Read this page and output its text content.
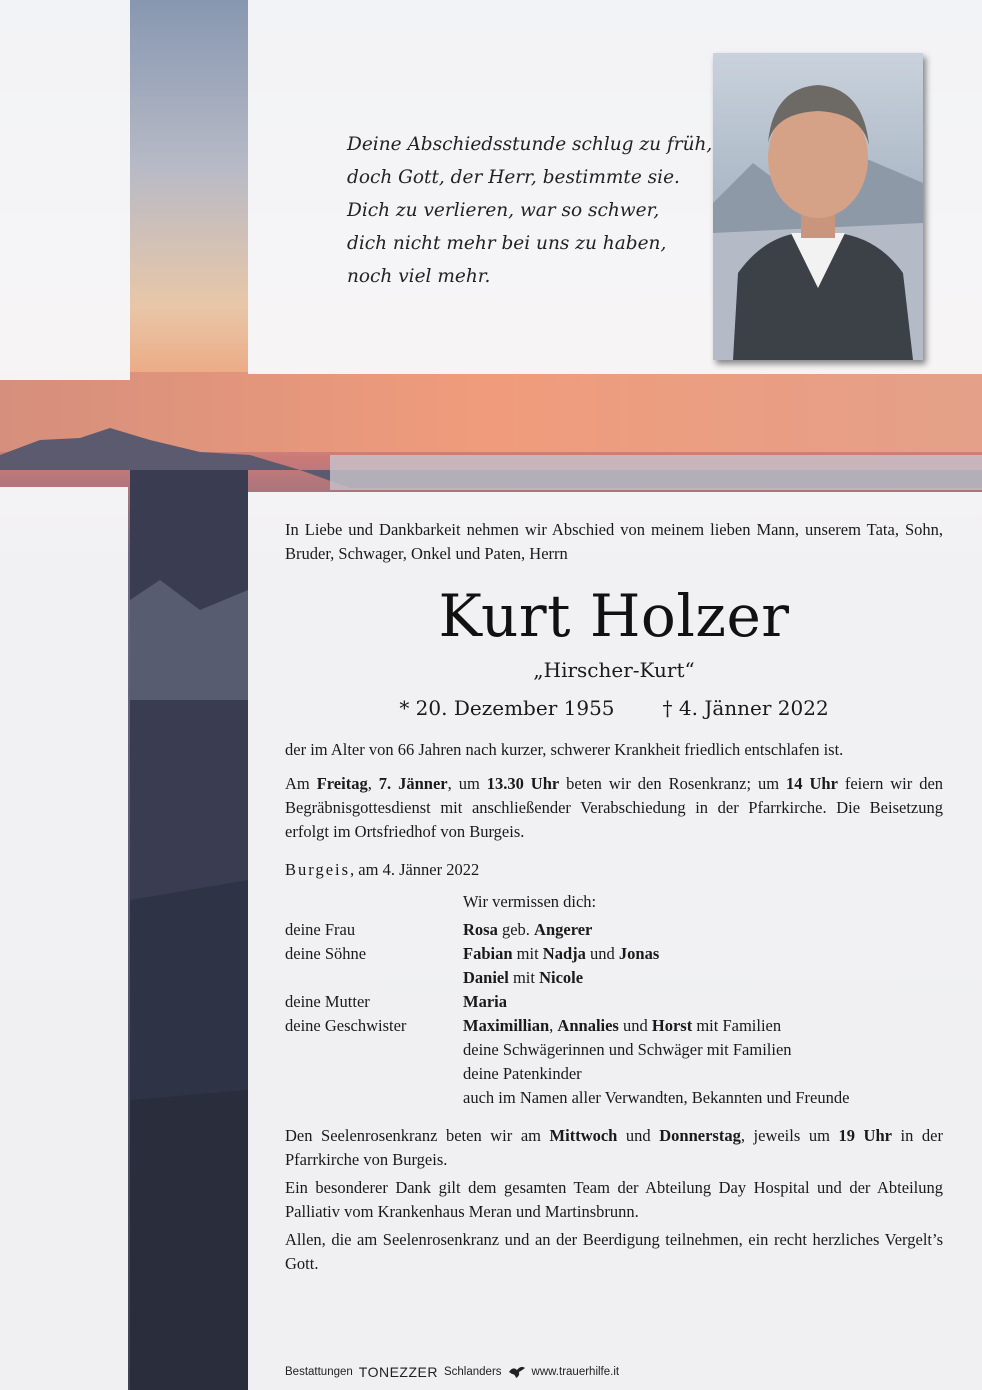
Deine Abschiedsstunde schlug zu früh,
doch Gott, der Herr, bestimmte sie.
Dich zu verlieren, war so schwer,
dich nicht mehr bei uns zu haben,
noch viel mehr.

In Liebe und Dankbarkeit nehmen wir Abschied von meinem lieben Mann, unserem Tata, Sohn, Bruder, Schwager, Onkel und Paten, Herrn

Kurt Holzer
„Hirscher-Kurt“
* 20. Dezember 1955 † 4. Jänner 2022

der im Alter von 66 Jahren nach kurzer, schwerer Krankheit friedlich entschlafen ist.

Am Freitag, 7. Jänner, um 13.30 Uhr beten wir den Rosenkranz; um 14 Uhr feiern wir den Begräbnisgottesdienst mit anschließender Verabschiedung in der Pfarrkirche. Die Beisetzung erfolgt im Ortsfriedhof von Burgeis.

Burgeis, am 4. Jänner 2022

Wir vermissen dich:

deine Frau	Rosa geb. Angerer
deine Söhne	Fabian mit Nadja und Jonas
	Daniel mit Nicole
deine Mutter	Maria
deine Geschwister	Maximillian, Annalies und Horst mit Familien
	deine Schwägerinnen und Schwäger mit Familien
	deine Patenkinder
	auch im Namen aller Verwandten, Bekannten und Freunde

Den Seelenrosenkranz beten wir am Mittwoch und Donnerstag, jeweils um 19 Uhr in der Pfarrkirche von Burgeis.

Ein besonderer Dank gilt dem gesamten Team der Abteilung Day Hospital und der Abteilung Palliativ vom Krankenhaus Meran und Martinsbrunn.

Allen, die am Seelenrosenkranz und an der Beerdigung teilnehmen, ein recht herzliches Vergelt’s Gott.

Bestattungen TONEZZER Schlanders	www.trauerhilfe.it
